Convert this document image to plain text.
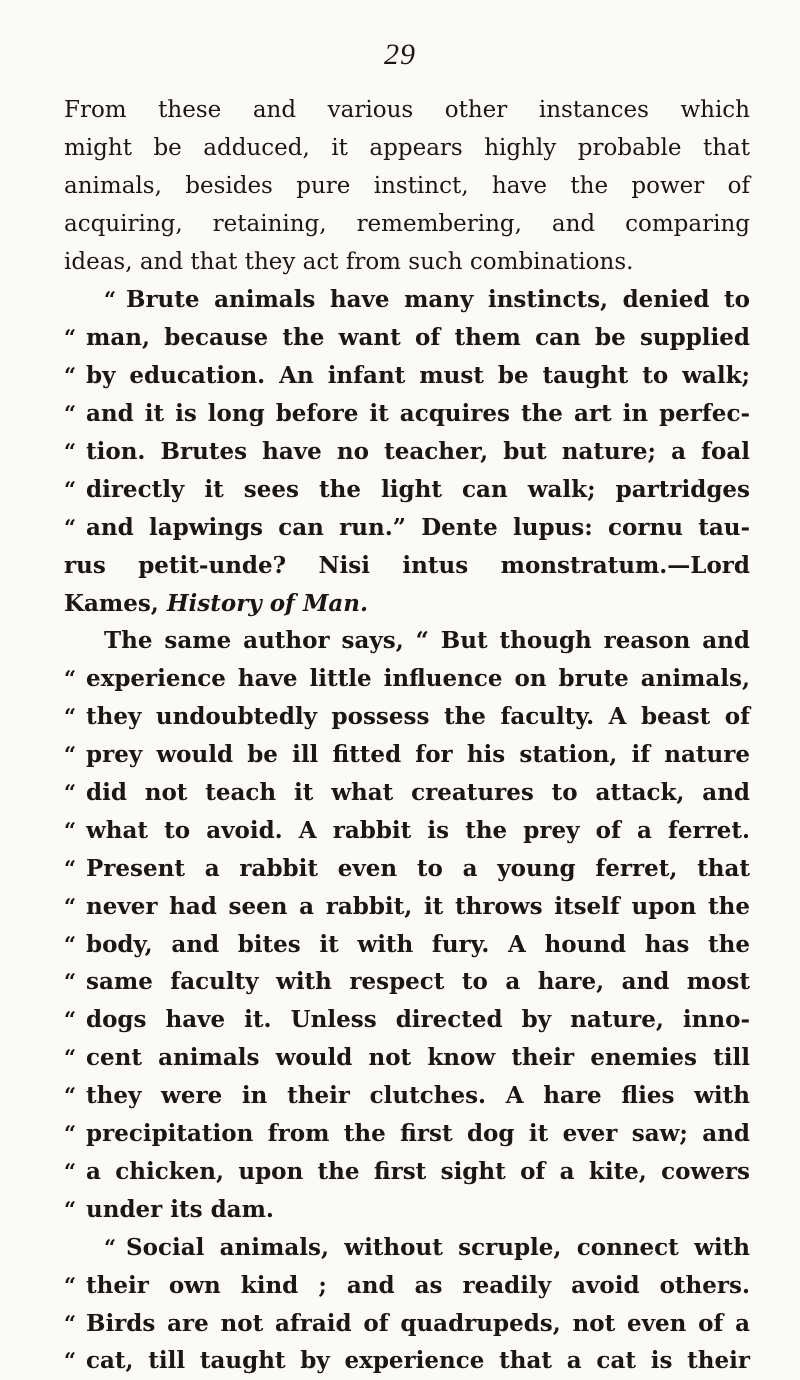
29
From these and various other instances which
might be adduced, it appears highly probable that
animals, besides pure instinct, have the power of
acquiring, retaining, remembering, and comparing
ideas, and that they act from such combinations.
“ Brute animals have many instincts, denied to
“ man, because the want of them can be supplied
“ by education. An infant must be taught to walk;
“ and it is long before it acquires the art in perfec-
“ tion. Brutes have no teacher, but nature; a foal
“ directly it sees the light can walk; partridges
“ and lapwings can run.” Dente lupus: cornu tau-
rus petit-unde? Nisi intus monstratum.—Lord
Kames, History of Man.
The same author says, “ But though reason and
“ experience have little influence on brute animals,
“ they undoubtedly possess the faculty. A beast of
“ prey would be ill fitted for his station, if nature
“ did not teach it what creatures to attack, and
“ what to avoid. A rabbit is the prey of a ferret.
“ Present a rabbit even to a young ferret, that
“ never had seen a rabbit, it throws itself upon the
“ body, and bites it with fury. A hound has the
“ same faculty with respect to a hare, and most
“ dogs have it. Unless directed by nature, inno-
“ cent animals would not know their enemies till
“ they were in their clutches. A hare flies with
“ precipitation from the first dog it ever saw; and
“ a chicken, upon the first sight of a kite, cowers
“ under its dam.
“ Social animals, without scruple, connect with
“ their own kind ; and as readily avoid others.
“ Birds are not afraid of quadrupeds, not even of a
“ cat, till taught by experience that a cat is their
